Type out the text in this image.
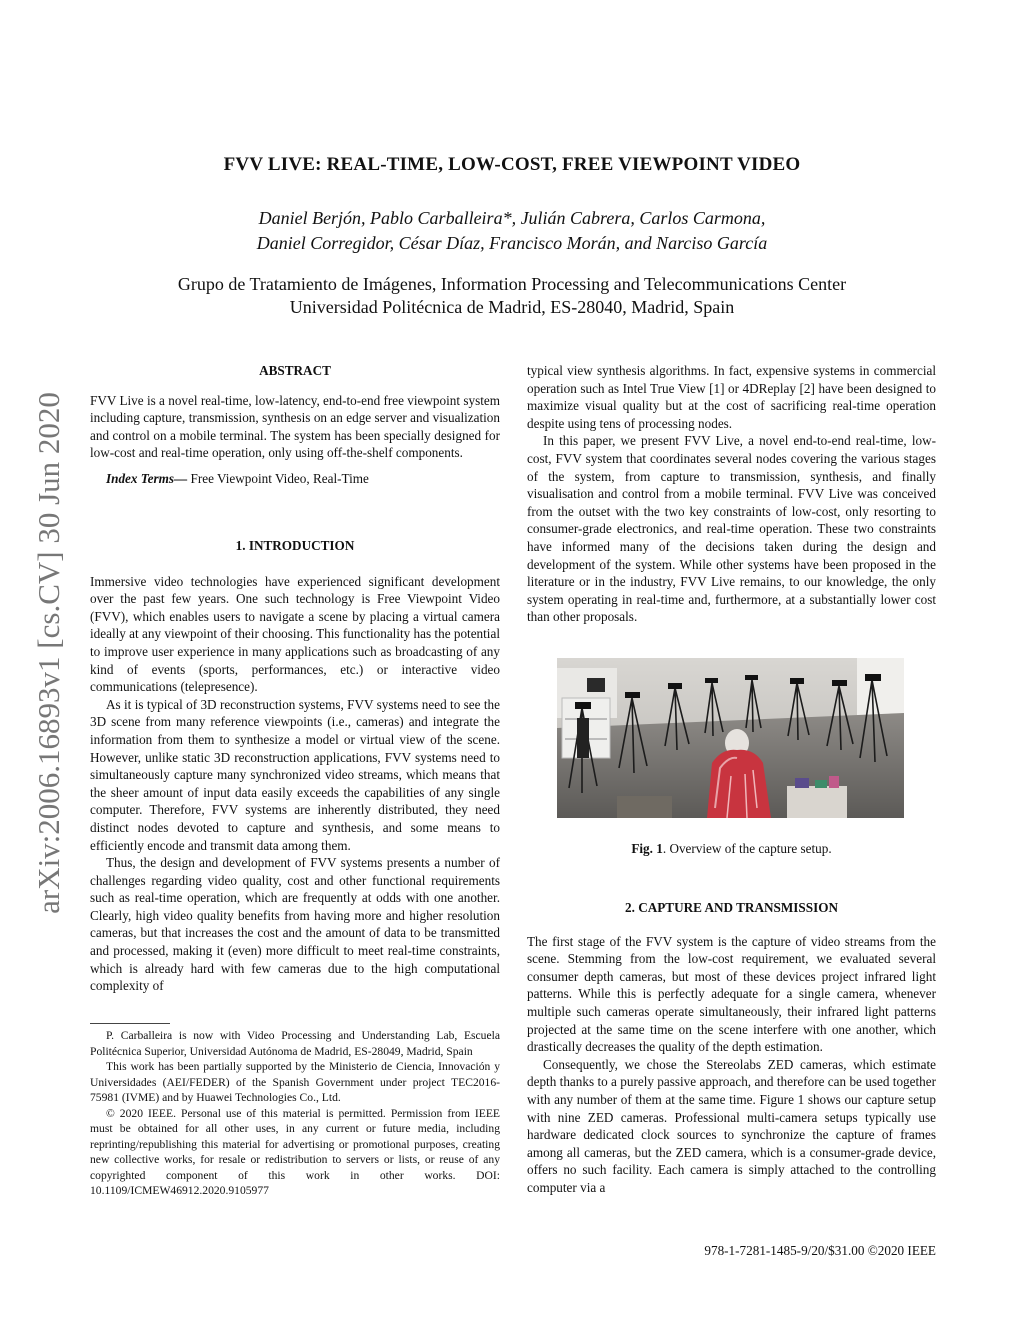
FVV LIVE: REAL-TIME, LOW-COST, FREE VIEWPOINT VIDEO
Daniel Berjón, Pablo Carballeira*, Julián Cabrera, Carlos Carmona,
Daniel Corregidor, César Díaz, Francisco Morán, and Narciso García
Grupo de Tratamiento de Imágenes, Information Processing and Telecommunications Center
Universidad Politécnica de Madrid, ES-28040, Madrid, Spain
arXiv:2006.16893v1 [cs.CV] 30 Jun 2020
ABSTRACT

FVV Live is a novel real-time, low-latency, end-to-end free viewpoint system including capture, transmission, synthesis on an edge server and visualization and control on a mobile terminal. The system has been specially designed for low-cost and real-time operation, only using off-the-shelf components.

Index Terms— Free Viewpoint Video, Real-Time

1. INTRODUCTION

Immersive video technologies have experienced significant development over the past few years. One such technology is Free Viewpoint Video (FVV), which enables users to navigate a scene by placing a virtual camera ideally at any viewpoint of their choosing. This functionality has the potential to improve user experience in many applications such as broadcasting of any kind of events (sports, performances, etc.) or interactive video communications (telepresence).

As it is typical of 3D reconstruction systems, FVV systems need to see the 3D scene from many reference viewpoints (i.e., cameras) and integrate the information from them to synthesize a model or virtual view of the scene. However, unlike static 3D reconstruction applications, FVV systems need to simultaneously capture many synchronized video streams, which means that the sheer amount of input data easily exceeds the capabilities of any single computer. Therefore, FVV systems are inherently distributed, they need distinct nodes devoted to capture and synthesis, and some means to efficiently encode and transmit data among them.

Thus, the design and development of FVV systems presents a number of challenges regarding video quality, cost and other functional requirements such as real-time operation, which are frequently at odds with one another. Clearly, high video quality benefits from having more and higher resolution cameras, but that increases the cost and the amount of data to be transmitted and processed, making it (even) more difficult to meet real-time constraints, which is already hard with few cameras due to the high computational complexity of

P. Carballeira is now with Video Processing and Understanding Lab, Escuela Politécnica Superior, Universidad Autónoma de Madrid, ES-28049, Madrid, Spain

This work has been partially supported by the Ministerio de Ciencia, Innovación y Universidades (AEI/FEDER) of the Spanish Government under project TEC2016-75981 (IVME) and by Huawei Technologies Co., Ltd.

© 2020 IEEE. Personal use of this material is permitted. Permission from IEEE must be obtained for all other uses, in any current or future media, including reprinting/republishing this material for advertising or promotional purposes, creating new collective works, for resale or redistribution to servers or lists, or reuse of any copyrighted component of this work in other works. DOI: 10.1109/ICMEW46912.2020.9105977

typical view synthesis algorithms. In fact, expensive systems in commercial operation such as Intel True View [1] or 4DReplay [2] have been designed to maximize visual quality but at the cost of sacrificing real-time operation despite using tens of processing nodes.

In this paper, we present FVV Live, a novel end-to-end real-time, low-cost, FVV system that coordinates several nodes covering the various stages of the system, from capture to transmission, synthesis, and finally visualisation and control from a mobile terminal. FVV Live was conceived from the outset with the two key constraints of low-cost, only resorting to consumer-grade electronics, and real-time operation. These two constraints have informed many of the decisions taken during the design and development of the system. While other systems have been proposed in the literature or in the industry, FVV Live remains, to our knowledge, the only system operating in real-time and, furthermore, at a substantially lower cost than other proposals.

Fig. 1. Overview of the capture setup.
2. CAPTURE AND TRANSMISSION

The first stage of the FVV system is the capture of video streams from the scene. Stemming from the low-cost requirement, we evaluated several consumer depth cameras, but most of these devices project infrared light patterns. While this is perfectly adequate for a single camera, whenever multiple such cameras operate simultaneously, their infrared light patterns projected at the same time on the scene interfere with one another, which drastically decreases the quality of the depth estimation.

Consequently, we chose the Stereolabs ZED cameras, which estimate depth thanks to a purely passive approach, and therefore can be used together with any number of them at the same time. Figure 1 shows our capture setup with nine ZED cameras. Professional multi-camera setups typically use hardware dedicated clock sources to synchronize the capture of frames among all cameras, but the ZED camera, which is a consumer-grade device, offers no such facility. Each camera is simply attached to the controlling computer via a

978-1-7281-1485-9/20/$31.00 ©2020 IEEE
